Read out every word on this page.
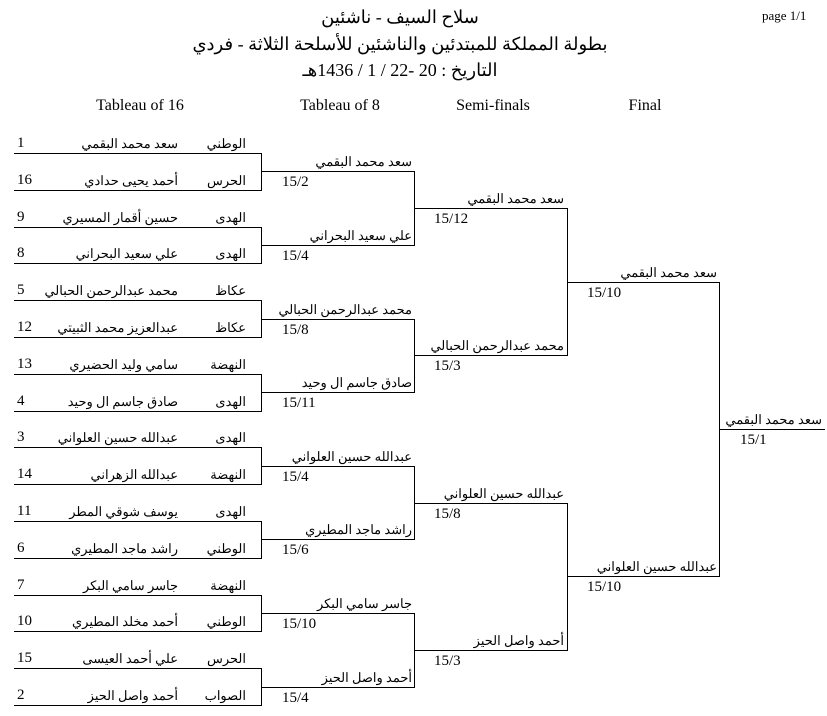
سلاح السيف - ناشئين
بطولة المملكة للمبتدئين والناشئين للأسلحة الثلاثة - فردي
التاريخ : 20 -22 / 1 / 1436هـ
page 1/1
Tableau of 16	Tableau of 8	Semi-finals	Final
1	سعد محمد البقمي	الوطني
16	أحمد يحيى حدادي	الحرس
9	حسين أقمار المسيري	الهدى
8	علي سعيد البحراني	الهدى
5	محمد عبدالرحمن الحبالي	عكاظ
12	عبدالعزيز محمد الثبيتي	عكاظ
13	سامي وليد الحضيري	النهضة
4	صادق جاسم ال وحيد	الهدى
3	عبدالله حسين العلواني	الهدى
14	عبدالله الزهراني	النهضة
11	يوسف شوقي المطر	الهدى
6	راشد ماجد المطيري	الوطني
7	جاسر سامي البكر	النهضة
10	أحمد مخلد المطيري	الوطني
15	علي أحمد العيسى	الحرس
2	أحمد واصل الحيز	الصواب
سعد محمد البقمي
15/2
علي سعيد البحراني
15/4
محمد عبدالرحمن الحبالي
15/8
صادق جاسم ال وحيد
15/11
عبدالله حسين العلواني
15/4
راشد ماجد المطيري
15/6
جاسر سامي البكر
15/10
أحمد واصل الحيز
15/4
سعد محمد البقمي
15/12
محمد عبدالرحمن الحبالي
15/3
عبدالله حسين العلواني
15/8
أحمد واصل الحيز
15/3
سعد محمد البقمي
15/10
عبدالله حسين العلواني
15/10
سعد محمد البقمي
15/1
